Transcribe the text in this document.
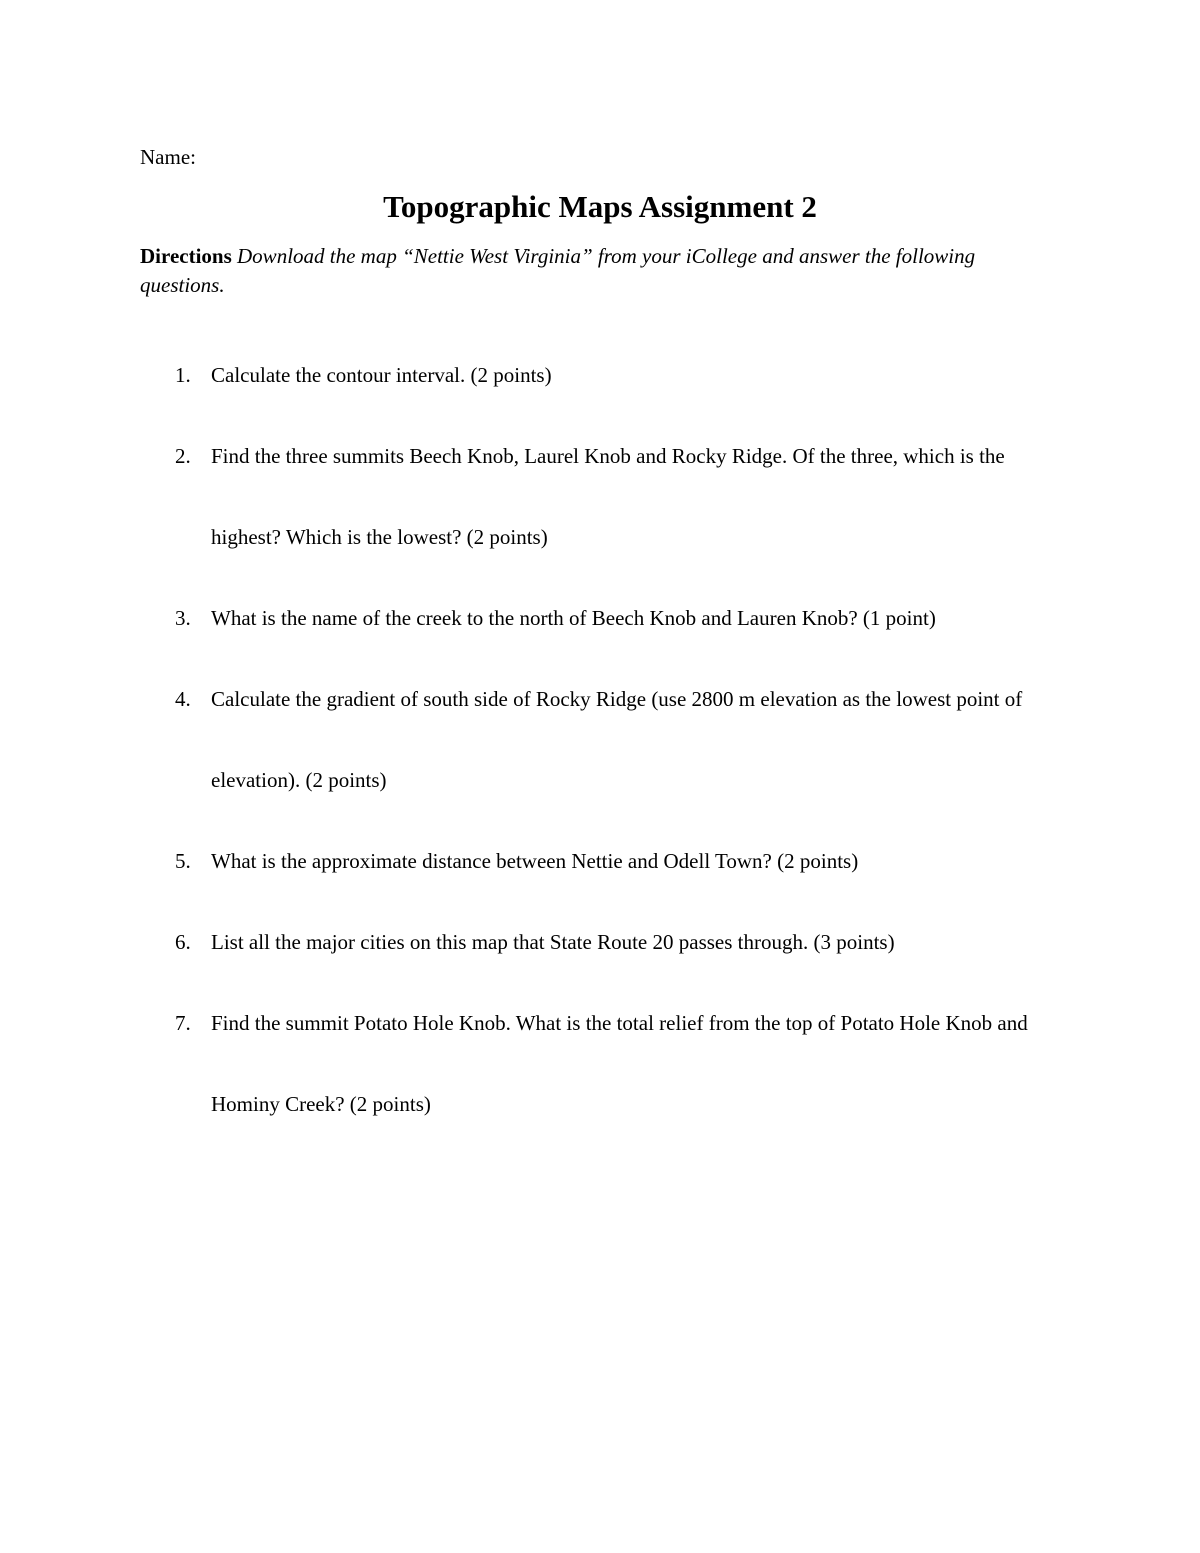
Name:
Topographic Maps Assignment 2
Directions Download the map “Nettie West Virginia” from your iCollege and answer the following questions.
1. Calculate the contour interval. (2 points)
2. Find the three summits Beech Knob, Laurel Knob and Rocky Ridge. Of the three, which is the highest? Which is the lowest? (2 points)
3. What is the name of the creek to the north of Beech Knob and Lauren Knob? (1 point)
4. Calculate the gradient of south side of Rocky Ridge (use 2800 m elevation as the lowest point of elevation). (2 points)
5. What is the approximate distance between Nettie and Odell Town? (2 points)
6. List all the major cities on this map that State Route 20 passes through. (3 points)
7. Find the summit Potato Hole Knob. What is the total relief from the top of Potato Hole Knob and Hominy Creek? (2 points)
